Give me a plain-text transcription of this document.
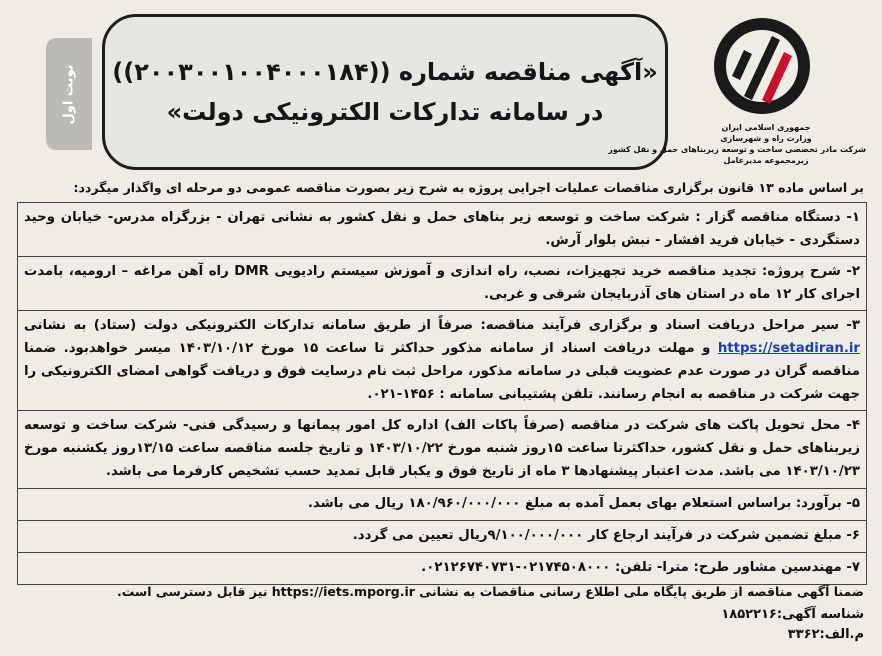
نوبت اول «آگهی مناقصه شماره ((۲۰۰۳۰۰۱۰۰۴۰۰۰۱۸۴))
در سامانه تدارکات الکترونیکی دولت»
جمهوری اسلامی ایران
وزارت راه و شهرسازی
شرکت مادر تخصصی ساخت و توسعه زیربناهای حمل و نقل کشور
زیرمجموعه مدیرعامل
بر اساس ماده ۱۳ قانون برگزاری مناقصات عملیات اجرایی پروژه به شرح زیر بصورت مناقصه عمومی دو مرحله ای واگذار میگردد:
۱- دستگاه مناقصه گزار : شرکت ساخت و توسعه زیر بناهای حمل و نقل کشور به نشانی تهران - بزرگراه مدرس- خیابان وحید دستگردی - خیابان فرید افشار - نبش بلوار آرش.
۲- شرح پروژه: تجدید مناقصه خرید تجهیزات، نصب، راه اندازی و آموزش سیستم رادیویی DMR راه آهن مراغه – ارومیه، بامدت اجرای کار ۱۲ ماه در استان های آذربایجان شرقی و غربی.
۳- سیر مراحل دریافت اسناد و برگزاری فرآیند مناقصه: صرفاً از طریق سامانه تدارکات الکترونیکی دولت (ستاد) به نشانی https://setadiran.ir و مهلت دریافت اسناد از سامانه مذکور حداکثر تا ساعت ۱۵ مورخ ۱۴۰۳/۱۰/۱۲ میسر خواهدبود. ضمنا مناقصه گران در صورت عدم عضویت قبلی در سامانه مذکور، مراحل ثبت نام درسایت فوق و دریافت گواهی امضای الکترونیکی را جهت شرکت در مناقصه به انجام رسانند. تلفن پشتیبانی سامانه : ۱۴۵۶-۰۲۱.
۴- محل تحویل پاکت های شرکت در مناقصه (صرفاً پاکات الف) اداره کل امور پیمانها و رسیدگی فنی- شرکت ساخت و توسعه زیربناهای حمل و نقل کشور، حداکثرتا ساعت ۱۵روز شنبه مورخ ۱۴۰۳/۱۰/۲۲ و تاریخ جلسه مناقصه ساعت ۱۳/۱۵روز یکشنبه مورخ ۱۴۰۳/۱۰/۲۳ می باشد. مدت اعتبار پیشنهادها ۳ ماه از تاریخ فوق و یکبار قابل تمدید حسب تشخیص کارفرما می باشد.
۵- برآورد: براساس استعلام بهای بعمل آمده به مبلغ ۱۸۰/۹۶۰/۰۰۰/۰۰۰ ریال می باشد.
۶- مبلغ تضمین شرکت در فرآیند ارجاع کار ۹/۱۰۰/۰۰۰/۰۰۰ریال تعیین می گردد.
۷- مهندسین مشاور طرح: مترا- تلفن: ۰۲۱۷۴۵۰۸۰۰۰-۰۲۱۲۶۷۴۰۷۳۱.
ضمنا آگهی مناقصه از طریق پایگاه ملی اطلاع رسانی مناقصات به نشانی https://iets.mporg.ir نیز قابل دسترسی است.
شناسه آگهی:۱۸۵۲۲۱۶
م.الف:۳۳۶۲
